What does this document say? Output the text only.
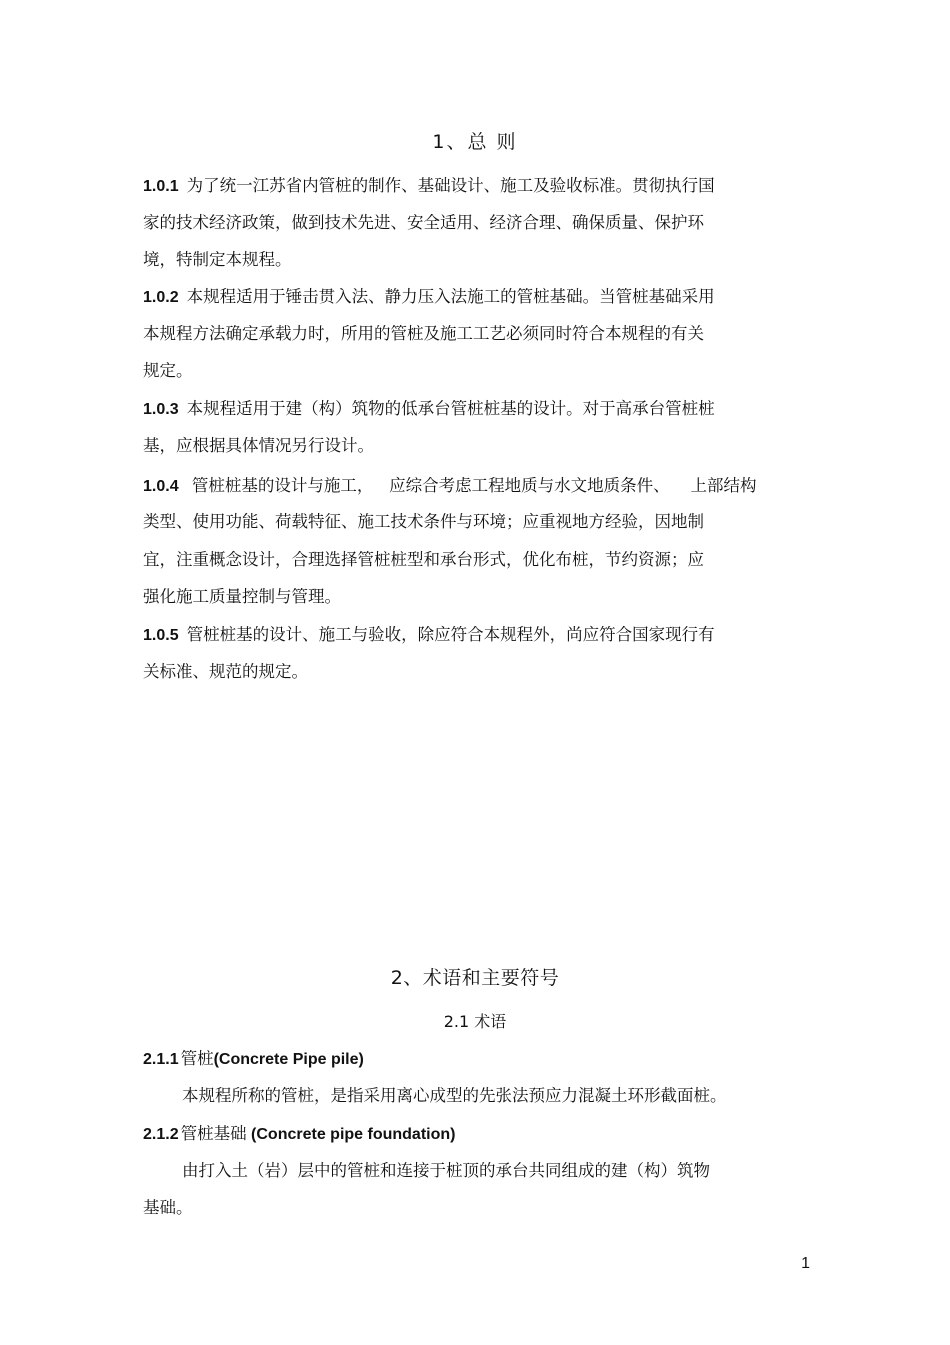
1、总 则
1.0.1 为了统一江苏省内管桩的制作、基础设计、施工及验收标准。贯彻执行国
家的技术经济政策，做到技术先进、安全适用、经济合理、确保质量、保护环
境，特制定本规程。
1.0.2 本规程适用于锤击贯入法、静力压入法施工的管桩基础。当管桩基础采用
本规程方法确定承载力时，所用的管桩及施工工艺必须同时符合本规程的有关
规定。
1.0.3 本规程适用于建（构）筑物的低承台管桩桩基的设计。对于高承台管桩桩
基，应根据具体情况另行设计。
1.0.4 管桩桩基的设计与施工，   应综合考虑工程地质与水文地质条件、    上部结构
类型、使用功能、荷载特征、施工技术条件与环境；应重视地方经验，因地制
宜，注重概念设计，合理选择管桩桩型和承台形式，优化布桩，节约资源；应
强化施工质量控制与管理。
1.0.5 管桩桩基的设计、施工与验收，除应符合本规程外，尚应符合国家现行有
关标准、规范的规定。
2、术语和主要符号
2.1 术语
2.1.1 管桩(Concrete Pipe pile)
本规程所称的管桩，是指采用离心成型的先张法预应力混凝土环形截面桩。
2.1.2 管桩基础 (Concrete pipe foundation)
由打入土（岩）层中的管桩和连接于桩顶的承台共同组成的建（构）筑物
基础。
1
